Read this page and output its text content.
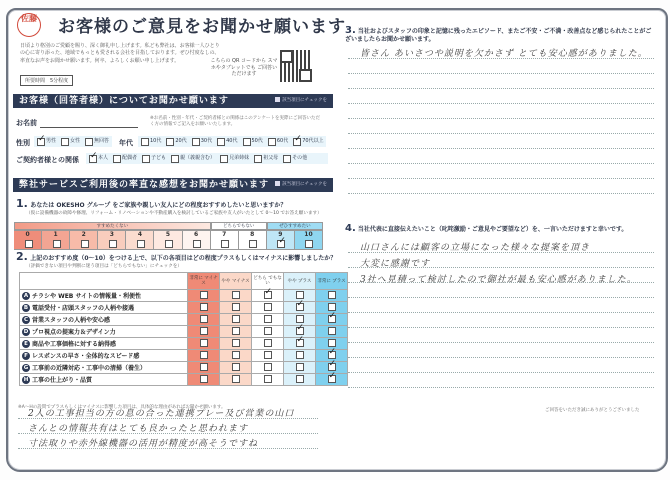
佐藤 お客様のご意見をお聞かせ願います
日頃より格別のご愛顧を賜り、深く御礼申し上げます。私ども弊社は、お客様一人ひとりの心に寄り添った、地域でもっとも愛される会社を目指しております。ぜひ忖度なしの、率直なお声をお聞かせ願います。何卒、よろしくお願い申し上げます。
所要時間　5分程度
こちらの QR コードから スマホやタブレットでも ご回答いただけます
お客様（回答者様）についてお聞かせ願います	該当項目にチェックを
お名前
※お名前・性別・年代・ご契約者様との関係はこのアンケートを実際にご回答いただく方の情報でご記入をお願いいたします。
性別 ✓	男性	女性	無回答 年代	10代	20代	30代	40代	50代	60代 ✓	70代以上
ご契約者様との関係 ✓	本人	配偶者	子ども	親（義親含む）	兄弟姉妹	祖父母	その他
弊社サービスご利用後の率直な感想をお聞かせ願います	該当項目にチェックを
1. あなたは OKESHO グループ をご家族や親しい友人にどの程度おすすめしたいと思いますか？
（仮に設備機器の故障や修理、リフォーム・リノベーションや不動産購入を検討しているご家族や友人がいたとして 0〜10 でお答え願います）
すすめたくない	どちらでもない	ぜひすすめたい
0	1	2	3	4	5	6	7	8	9
✓	10
2. 上記のおすすめ度（0〜10）をつける上で、以下の各項目はどの程度プラスもしくはマイナスに影響しましたか？
（評価できない項目や判断に迷う項目は「どちらでもない」にチェックを）
	非常に マイナス	やや マイナス	どちら でもない	やや プラス	非常に プラス
A チラシや WEB サイトの情報量・利便性			✓		
B 電話受付・店頭スタッフの人柄や接遇				✓	
C 営業スタッフの人柄や安心感					✓
D プロ視点の提案力＆デザイン力				✓	
E 商品や工事価格に対する納得感				✓	
F レスポンスの早さ・全体的なスピード感					✓
G 工事前の近隣対応・工事中の清掃（養生）					✓
H 工事の仕上がり・品質					✓
※A〜Hの設問でプラスもしくはマイナスに影響した項目は、具体的な理由があればお聞かせ願います。
2人の工事担当の方の息の合った連携プレー及び営業の山口
さんとの情報共有はとても良かったと思われます
寸法取りや赤外線機器の活用が精度が高そうですね
3. 当社およびスタッフの印象と記憶に残ったエピソード、またご不安・ご不満・改善点など感じられたことがございましたらお聞かせ願います。
皆さん あいさつや説明を欠かさず とても安心感がありました。
4. 当社代表に直接伝えたいこと（叱咤激励・ご意見やご要望など）を、一言いただけますと幸いです。
山口さんには顧客の立場になった様々な提案を頂き
大変に感謝です
3社へ見積って検討したので御社が最も安心感がありました。
ご回答をいただき誠にありがとうございました
